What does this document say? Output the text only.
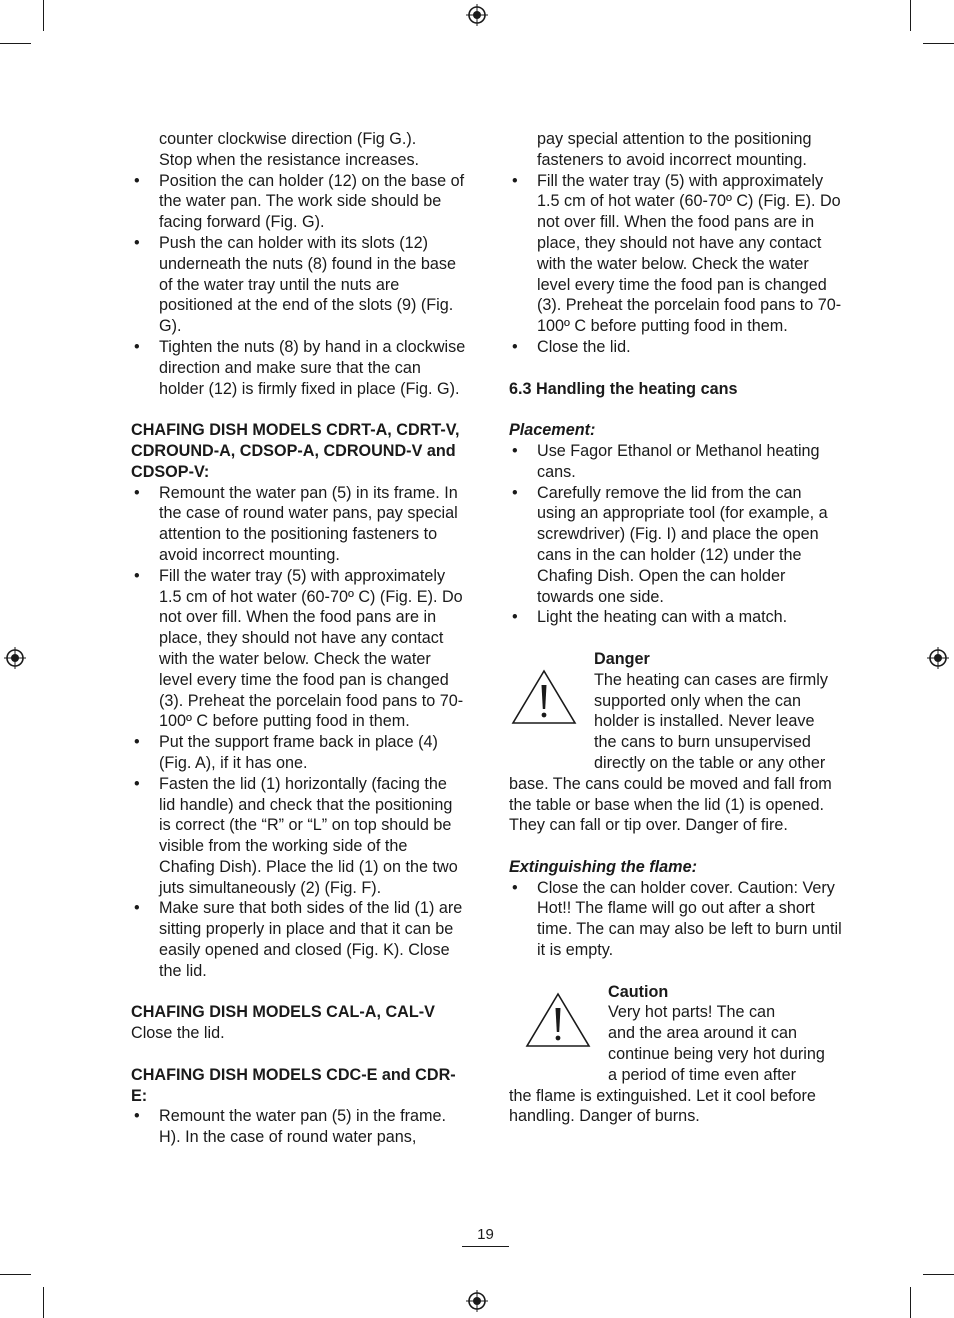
counter clockwise direction (Fig G.).

Stop when the resistance increases.

• Position the can holder (12) on the base of the water pan. The work side should be facing forward (Fig. G).
• Push the can holder with its slots (12) underneath the nuts (8) found in the base of the water tray until the nuts are positioned at the end of the slots (9) (Fig. G).
• Tighten the nuts (8) by hand in a clockwise direction and make sure that the can holder (12) is firmly fixed in place (Fig. G).

CHAFING DISH MODELS CDRT-A, CDRT-V, CDROUND-A, CDSOP-A, CDROUND-V and CDSOP-V:

• Remount the water pan (5) in its frame. In the case of round water pans, pay special attention to the positioning fasteners to avoid incorrect mounting.
• Fill the water tray (5) with approximately 1.5 cm of hot water (60-70º C) (Fig. E). Do not over fill. When the food pans are in place, they should not have any contact with the water below. Check the water level every time the food pan is changed (3). Preheat the porcelain food pans to 70-100º C before putting food in them.
• Put the support frame back in place (4) (Fig. A), if it has one.
• Fasten the lid (1) horizontally (facing the lid handle) and check that the positioning is correct (the “R” or “L” on top should be visible from the working side of the Chafing Dish). Place the lid (1) on the two juts simultaneously (2) (Fig. F).
• Make sure that both sides of the lid (1) are sitting properly in place and that it can be easily opened and closed (Fig. K). Close the lid.

CHAFING DISH MODELS CAL-A, CAL-V

Close the lid.

CHAFING DISH MODELS CDC-E and CDR-E:

• Remount the water pan (5) in the frame. H). In the case of round water pans,

pay special attention to the positioning fasteners to avoid incorrect mounting.

• Fill the water tray (5) with approximately 1.5 cm of hot water (60-70º C) (Fig. E). Do not over fill. When the food pans are in place, they should not have any contact with the water below. Check the water level every time the food pan is changed (3). Preheat the porcelain food pans to 70-100º C before putting food in them.
• Close the lid.

6.3 Handling the heating cans

Placement:

• Use Fagor Ethanol or Methanol heating cans.
• Carefully remove the lid from the can using an appropriate tool (for example, a screwdriver) (Fig. I) and place the open cans in the can holder (12) under the Chafing Dish. Open the can holder towards one side.
• Light the heating can with a match.

Danger

The heating can cases are firmly

supported only when the can

holder is installed. Never leave

the cans to burn unsupervised

directly on the table or any other

base. The cans could be moved and fall from the table or base when the lid (1) is opened. They can fall or tip over. Danger of fire.

Extinguishing the flame:

• Close the can holder cover. Caution: Very Hot!! The flame will go out after a short time. The can may also be left to burn until it is empty.

Caution

Very hot parts! The can

and the area around it can

continue being very hot during

a period of time even after

the flame is extinguished. Let it cool before handling. Danger of burns.

19
